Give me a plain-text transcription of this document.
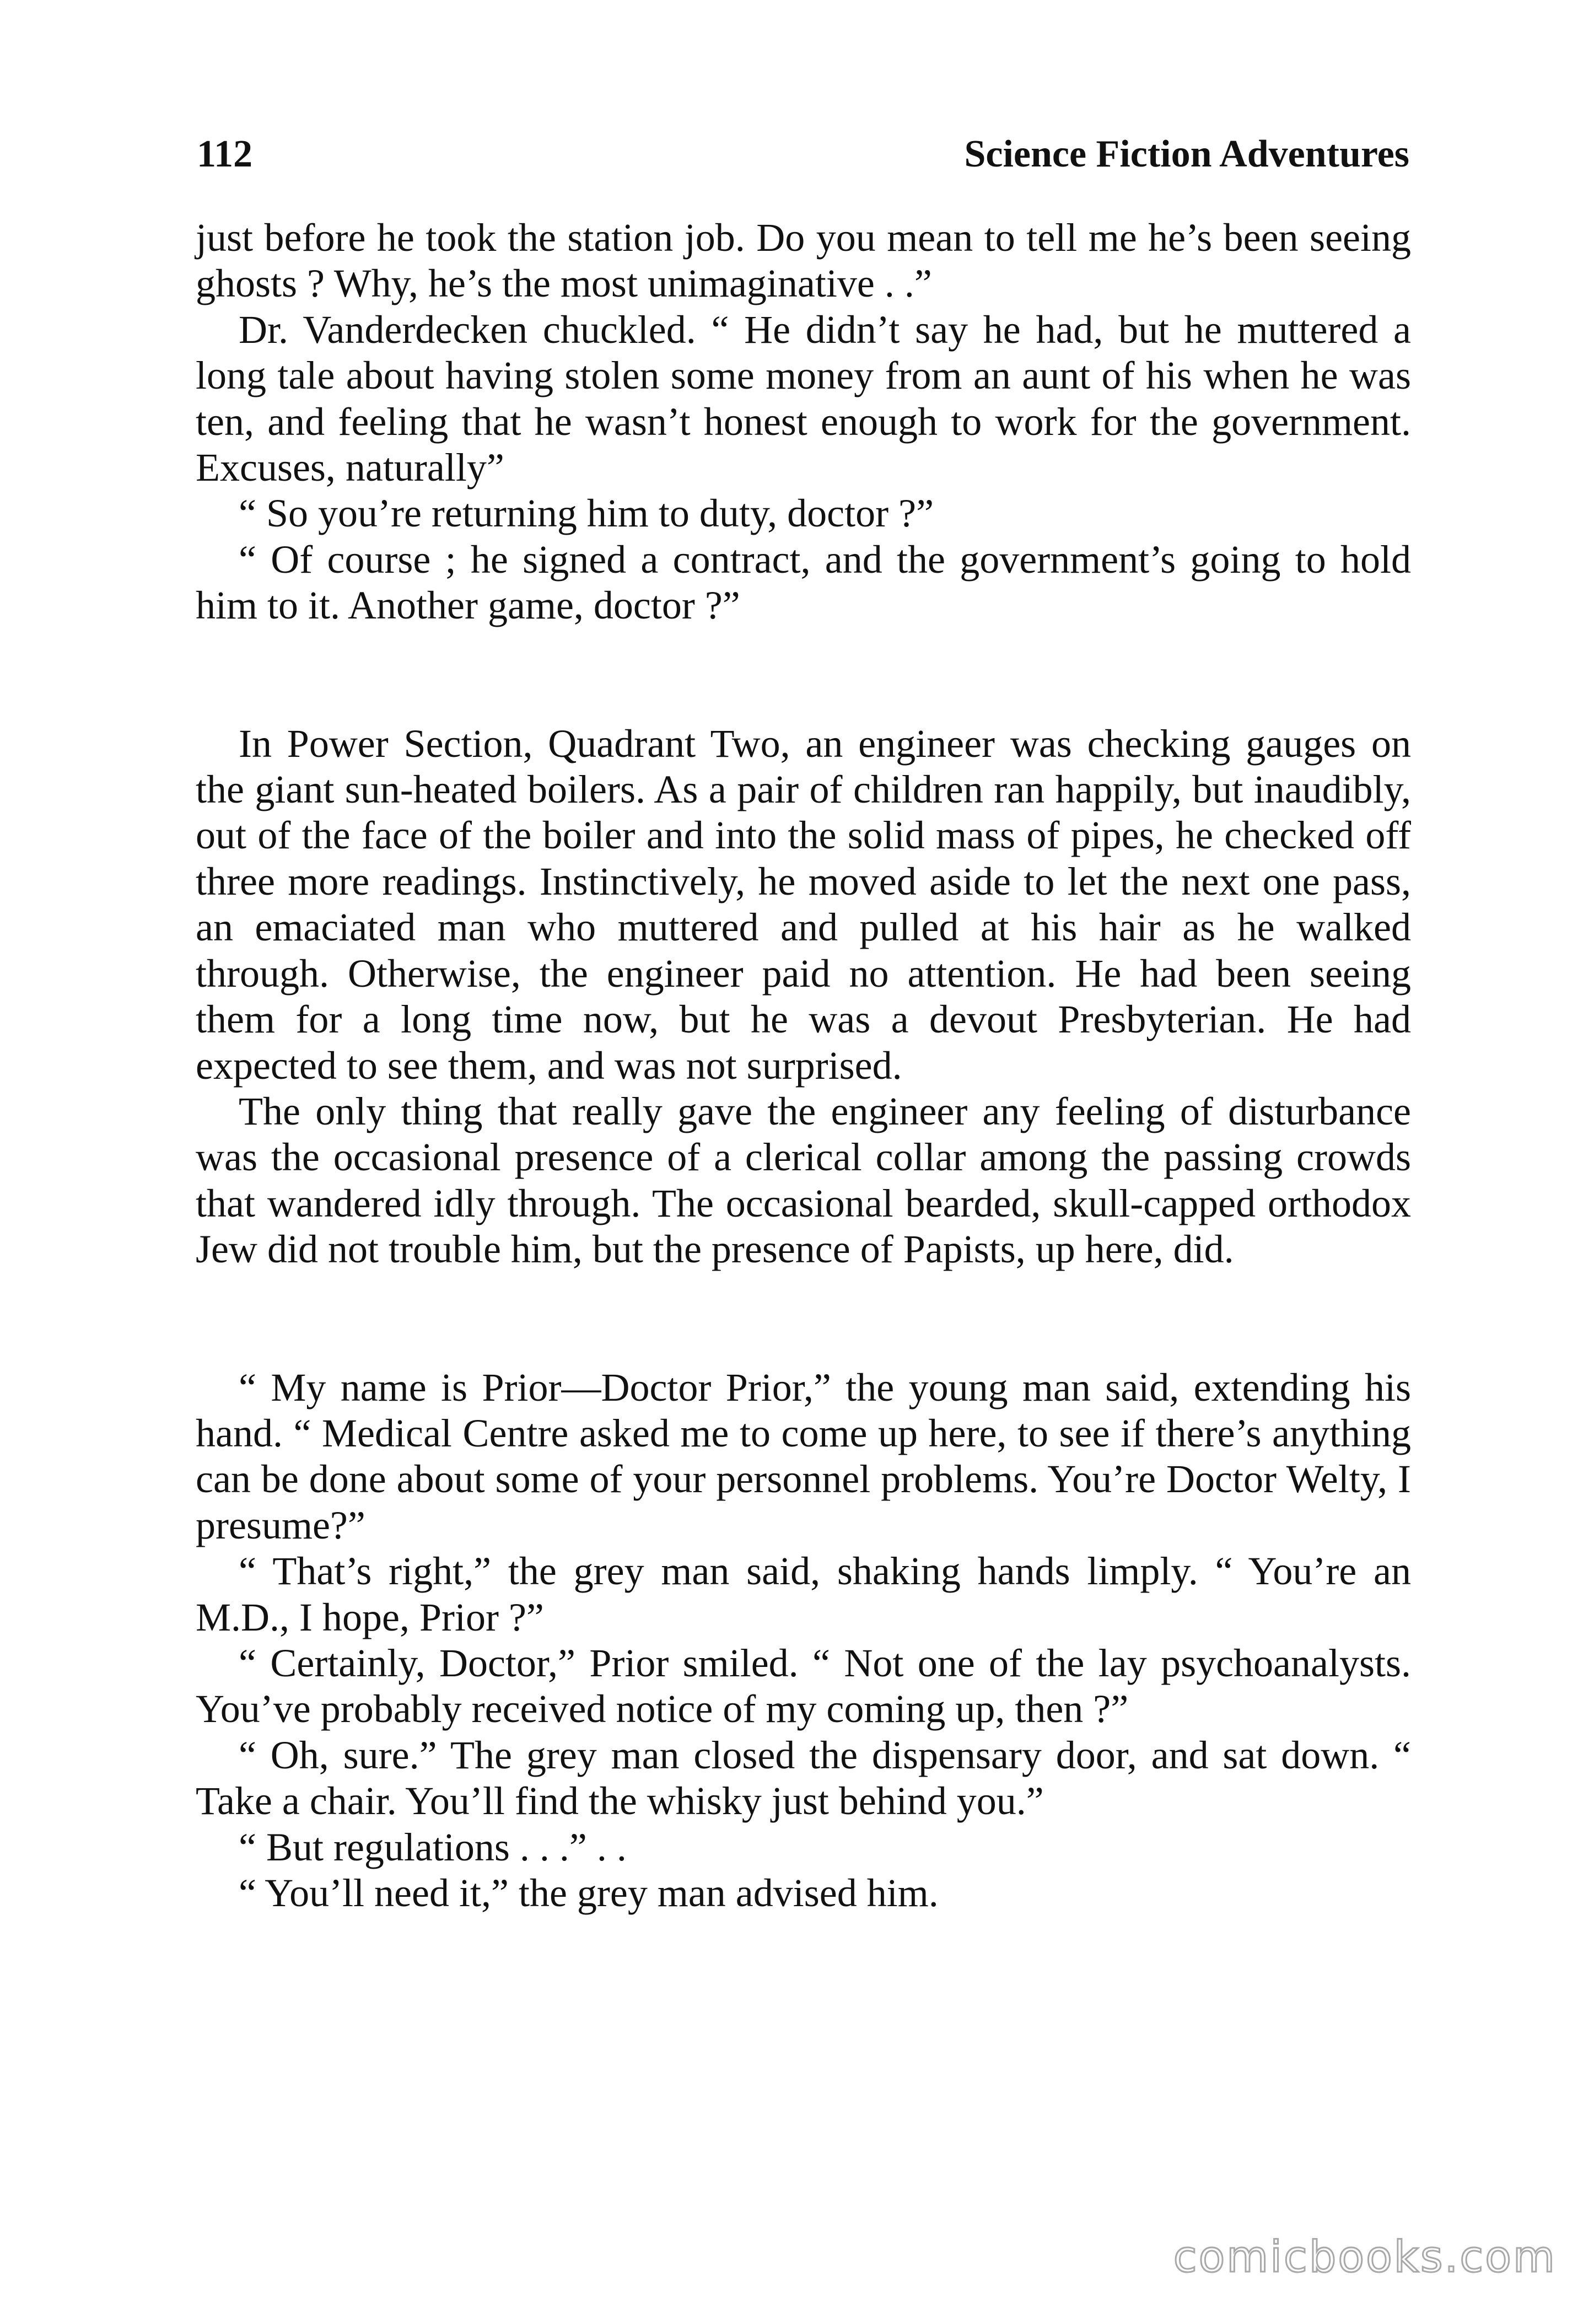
112	Science Fiction Adventures

just before he took the station job. Do you mean to tell me he’s been seeing ghosts ? Why, he’s the most unimaginative . .”

Dr. Vanderdecken chuckled. “ He didn’t say he had, but he muttered a long tale about having stolen some money from an aunt of his when he was ten, and feeling that he wasn’t honest enough to work for the government. Excuses, naturally”

“ So you’re returning him to duty, doctor ?”

“ Of course ; he signed a contract, and the government’s going to hold him to it. Another game, doctor ?”

In Power Section, Quadrant Two, an engineer was checking gauges on the giant sun-heated boilers. As a pair of children ran happily, but inaudibly, out of the face of the boiler and into the solid mass of pipes, he checked off three more readings. Instinctively, he moved aside to let the next one pass, an emaciated man who muttered and pulled at his hair as he walked through. Otherwise, the engineer paid no attention. He had been seeing them for a long time now, but he was a devout Presbyterian. He had expected to see them, and was not surprised.

The only thing that really gave the engineer any feeling of disturbance was the occasional presence of a clerical collar among the passing crowds that wandered idly through. The occasional bearded, skull-capped orthodox Jew did not trouble him, but the presence of Papists, up here, did.

“ My name is Prior—Doctor Prior,” the young man said, extending his hand. “ Medical Centre asked me to come up here, to see if there’s anything can be done about some of your personnel problems. You’re Doctor Welty, I presume?”

“ That’s right,” the grey man said, shaking hands limply. “ You’re an M.D., I hope, Prior ?”

“ Certainly, Doctor,” Prior smiled. “ Not one of the lay psychoanalysts. You’ve probably received notice of my coming up, then ?”

“ Oh, sure.” The grey man closed the dispensary door, and sat down. “ Take a chair. You’ll find the whisky just behind you.”

“ But regulations . . .” . .

“ You’ll need it,” the grey man advised him.

comicbooks.com
